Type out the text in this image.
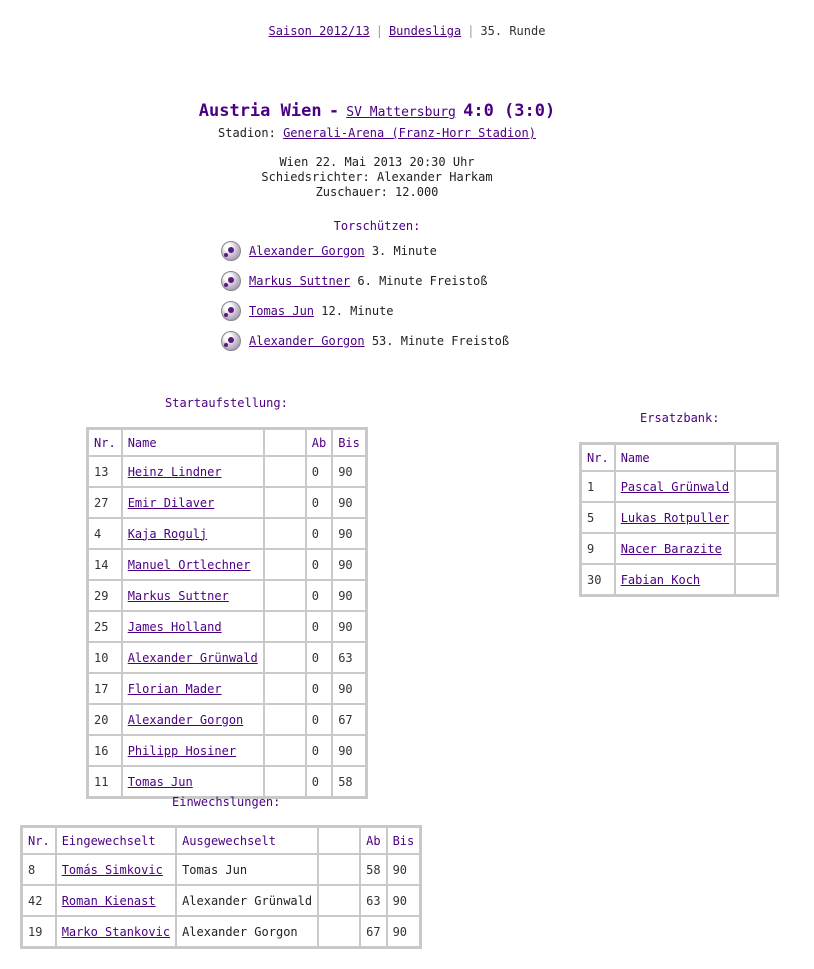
Saison 2012/13 | Bundesliga | 35. Runde
Austria Wien - SV Mattersburg 4:0 (3:0)
Stadion: Generali-Arena (Franz-Horr Stadion)
Wien 22. Mai 2013 20:30 Uhr
Schiedsrichter: Alexander Harkam
Zuschauer: 12.000
Torschützen:
Alexander Gorgon
3. Minute
Markus Suttner
6. Minute Freistoß
Tomas Jun
12. Minute
Alexander Gorgon
53. Minute Freistoß
Startaufstellung:
Nr.	Name		Ab	Bis
13	Heinz Lindner		0	90
27	Emir Dilaver		0	90
4	Kaja Rogulj		0	90
14	Manuel Ortlechner		0	90
29	Markus Suttner		0	90
25	James Holland		0	90
10	Alexander Grünwald		0	63
17	Florian Mader		0	90
20	Alexander Gorgon		0	67
16	Philipp Hosiner		0	90
11	Tomas Jun		0	58
Ersatzbank:
Nr.	Name	
1	Pascal Grünwald	
5	Lukas Rotpuller	
9	Nacer Barazite	
30	Fabian Koch	
Einwechslungen:
Nr.	Eingewechselt	Ausgewechselt		Ab	Bis
8	Tomás Simkovic	Tomas Jun		58	90
42	Roman Kienast	Alexander Grünwald		63	90
19	Marko Stankovic	Alexander Gorgon		67	90
